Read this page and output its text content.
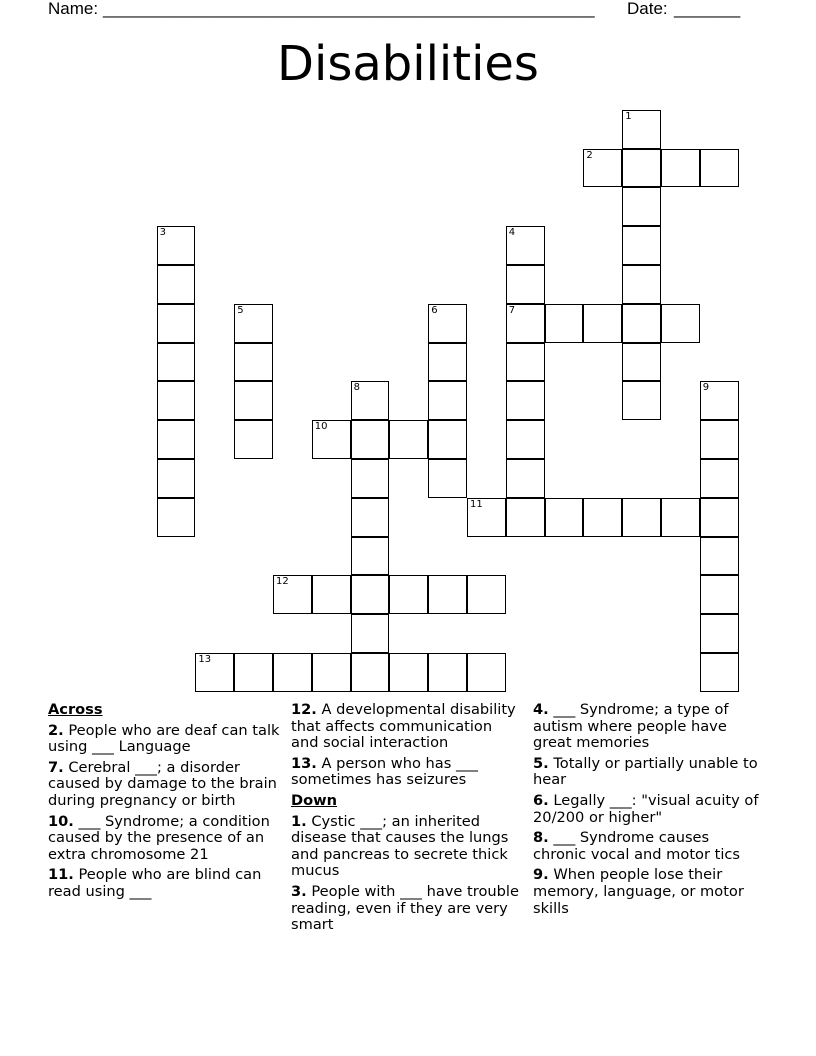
Name: ____________________________________________________ Date: _______
Disabilities
1
2
3	4
5	6	7
8	9
10
11
12
13
Across
2. People who are deaf can talk using ___ Language
7. Cerebral ___; a disorder caused by damage to the brain during pregnancy or birth
10. ___ Syndrome; a condition caused by the presence of an extra chromosome 21
11. People who are blind can read using ___
12. A developmental disability that affects communication and social interaction
13. A person who has ___ sometimes has seizures
Down
1. Cystic ___; an inherited disease that causes the lungs and pancreas to secrete thick mucus
3. People with ___ have trouble reading, even if they are very smart
4. ___ Syndrome; a type of autism where people have great memories
5. Totally or partially unable to hear
6. Legally ___: "visual acuity of 20/200 or higher"
8. ___ Syndrome causes chronic vocal and motor tics
9. When people lose their memory, language, or motor skills
